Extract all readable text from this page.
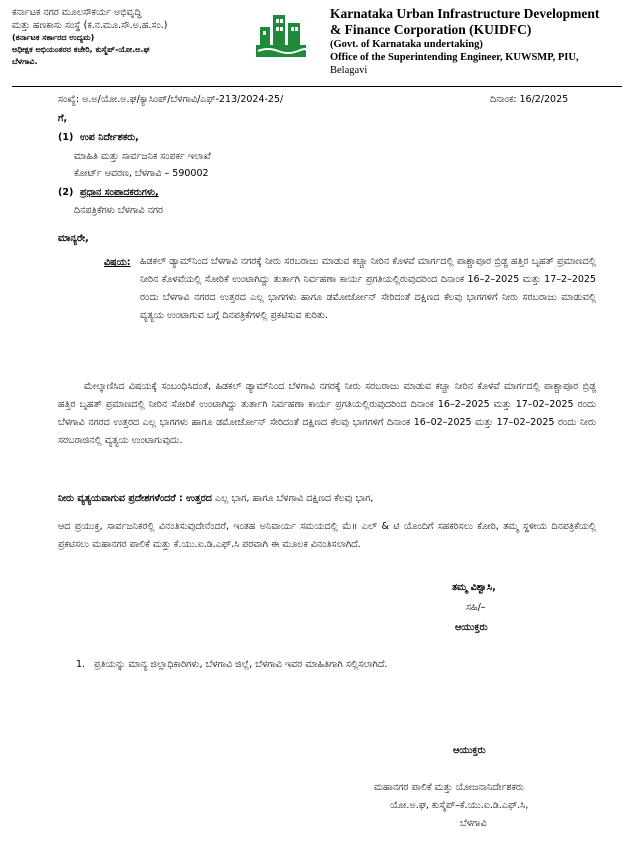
ಕರ್ನಾಟಕ ನಗರ ಮೂಲಸೌಕರ್ಯ ಅಭಿವೃದ್ಧಿ
ಮತ್ತು ಹಣಕಾಸು ಸಂಸ್ಥೆ (ಕ.ನ.ಮೂ.ಸೌ.ಅ.ಹ.ಸಂ.)
(ಕರ್ನಾಟಕ ಸರ್ಕಾರದ ಉದ್ಯಮ)
ಅಧೀಕ್ಷಕ ಅಭಿಯಂತರರ ಕಚೇರಿ, ಕುಸ್ಮೆಪ್-ಯೋ.ಅ.ಘ
ಬೆಳಗಾವಿ.
Karnataka Urban Infrastructure Development
& Finance Corporation (KUIDFC)
(Govt. of Karnataka undertaking)
Office of the Superintending Engineer, KUWSMP, PIU,
Belagavi
ಸಂಖ್ಯೆ: ಅ.ಅ/ಯೋ.ಅ.ಘ/ಕ್ಯಾಸಿಂಪ್/ಬೆಳಗಾವಿ/ಎಫ್-213/2024-25/	ದಿನಾಂಕ: 16/2/2025
ಗೆ,
(1) ಉಪ ನಿರ್ದೇಶಕರು,
ಮಾಹಿತಿ ಮತ್ತು ಸಾರ್ವಜನಿಕ ಸಂಪರ್ಕ ಇಲಾಖೆ
ಕೋರ್ಟ್ ಆವರಣ, ಬೆಳಗಾವಿ – 590002
(2) ಪ್ರಧಾನ ಸಂಪಾದಕರುಗಳು,
ದಿನಪತ್ರಿಕೆಗಳು ಬೆಳಗಾವಿ ನಗರ
ಮಾನ್ಯರೇ,
ವಿಷಯ: ಹಿಡಕಲ್ ಡ್ಯಾಮ್‌ನಿಂದ ಬೆಳಗಾವಿ ನಗರಕ್ಕೆ ನೀರು ಸರಬರಾಜು ಮಾಡುವ ಕಚ್ಚಾ ನೀರಿನ ಕೊಳವೆ ಮಾರ್ಗದಲ್ಲಿ ಪಾಶ್ಚಾಪೂರ ಬ್ರಿಡ್ಜ ಹತ್ತಿರ ಬೃಹತ್ ಪ್ರಮಾಣದಲ್ಲಿ ನೀರಿನ ಕೊಳವೆಯಲ್ಲಿ ಸೋರಿಕೆ ಉಂಟಾಗಿದ್ದು ತುರ್ತಾಗಿ ನಿರ್ವಹಣಾ ಕಾರ್ಯ ಪ್ರಗತಿಯಲ್ಲಿರುವುದರಿಂದ ದಿನಾಂಕ 16–2–2025 ಮತ್ತು 17–2–2025 ರಂದು ಬೆಳಗಾವಿ ನಗರದ ಉತ್ತರದ ಎಲ್ಲ ಭಾಗಗಳು ಹಾಗೂ ಡಮೋರ್ಜೋನ್ ಸೇರಿದಂತೆ ದಕ್ಷಿಣದ ಕೆಲವು ಭಾಗಗಳಿಗೆ ನೀರು ಸರಬರಾಜು ಮಾಡುವಲ್ಲಿ ವ್ಯತ್ಯಯ ಉಂಟಾಗುವ ಬಗ್ಗೆ ದಿನಪತ್ರಿಕೆಗಳಲ್ಲಿ ಪ್ರಕಟಿಸುವ ಕುರಿತು.
ಮೇಲ್ಕಾಣಿಸಿದ ವಿಷಯಕ್ಕೆ ಸಂಬಂಧಿಸಿದಂತೆ, ಹಿಡಕಲ್ ಡ್ಯಾಮ್‌ನಿಂದ ಬೆಳಗಾವಿ ನಗರಕ್ಕೆ ನೀರು ಸರಬರಾಜು ಮಾಡುವ ಕಚ್ಚಾ ನೀರಿನ ಕೊಳವೆ ಮಾರ್ಗದಲ್ಲಿ ಪಾಶ್ಚಾಪೂರ ಬ್ರಿಡ್ಜ ಹತ್ತಿರ ಬೃಹತ್ ಪ್ರಮಾಣದಲ್ಲಿ ನೀರಿನ ಸೋರಿಕೆ ಉಂಟಾಗಿದ್ದು ತುರ್ತಾಗಿ ನಿರ್ವಹಣಾ ಕಾರ್ಯ ಪ್ರಗತಿಯಲ್ಲಿರುವುದರಿಂದ ದಿನಾಂಕ 16–2–2025 ಮತ್ತು 17–02–2025 ರಂದು ಬೆಳಗಾವಿ ನಗರದ ಉತ್ತರದ ಎಲ್ಲ ಭಾಗಗಳು ಹಾಗೂ ಡಮೋರ್ಜೋನ್ ಸೇರಿದಂತೆ ದಕ್ಷಿಣದ ಕೆಲವು ಭಾಗಗಳಿಗೆ ದಿನಾಂಕ 16–02–2025 ಮತ್ತು 17–02–2025 ರಂದು ನೀರು ಸರಬರಾಜಿನಲ್ಲಿ ವ್ಯತ್ಯಯ ಉಂಟಾಗುವುದು.
ನೀರು ವ್ಯತ್ಯಯವಾಗುವ ಪ್ರದೇಶಗಳೆಂದರೆ : ಉತ್ತರದ ಎಲ್ಲ ಭಾಗ, ಹಾಗೂ ಬೆಳಗಾವಿ ದಕ್ಷಿಣದ ಕೆಲವು ಭಾಗ,
ಆದ ಪ್ರಯುಕ್ತ, ಸಾರ್ವಜನಿಕರಲ್ಲಿ ವಿನಂತಿಸುವುದೇನೆಂದರೆ, ಇಂತಹ ಅನಿವಾರ್ಯ ಸಮಯದಲ್ಲಿ ಮೆ॥ ಎಲ್ & ಟಿ ಯೊಂದಿಗೆ ಸಹಕರಿಸಲು ಕೋರಿ, ತಮ್ಮ ಸ್ಥಳೀಯ ದಿನಪತ್ರಿಕೆಯಲ್ಲಿ ಪ್ರಕಟಿಸಲು ಮಹಾನಗರ ಪಾಲಿಕೆ ಮತ್ತು ಕೆ.ಯು.ಐ.ಡಿ.ಎಫ್.ಸಿ ಪರವಾಗಿ ಈ ಮೂಲಕ ವಿನಂತಿಸಲಾಗಿದೆ.
ತಮ್ಮ ವಿಶ್ವಾಸಿ,
ಸಹಿ/–
ಆಯುಕ್ತರು
1. ಪ್ರತಿಯನ್ನು ಮಾನ್ಯ ಜಿಲ್ಲಾಧಿಕಾರಿಗಳು, ಬೆಳಗಾವಿ ಜಿಲ್ಲೆ, ಬೆಳಗಾವಿ ಇವರ ಮಾಹಿತಿಗಾಗಿ ಸಲ್ಲಿಸಲಾಗಿದೆ.
ಆಯುಕ್ತರು
ಮಹಾನಗರ ಪಾಲಿಕೆ ಮತ್ತು ಯೋಜನಾನಿರ್ದೇಶಕರು
ಯೋ.ಅ.ಘ, ಕುಸ್ಮೆಪ್–ಕೆ.ಯು.ಐ.ಡಿ.ಎಫ್.ಸಿ,
ಬೆಳಗಾವಿ
